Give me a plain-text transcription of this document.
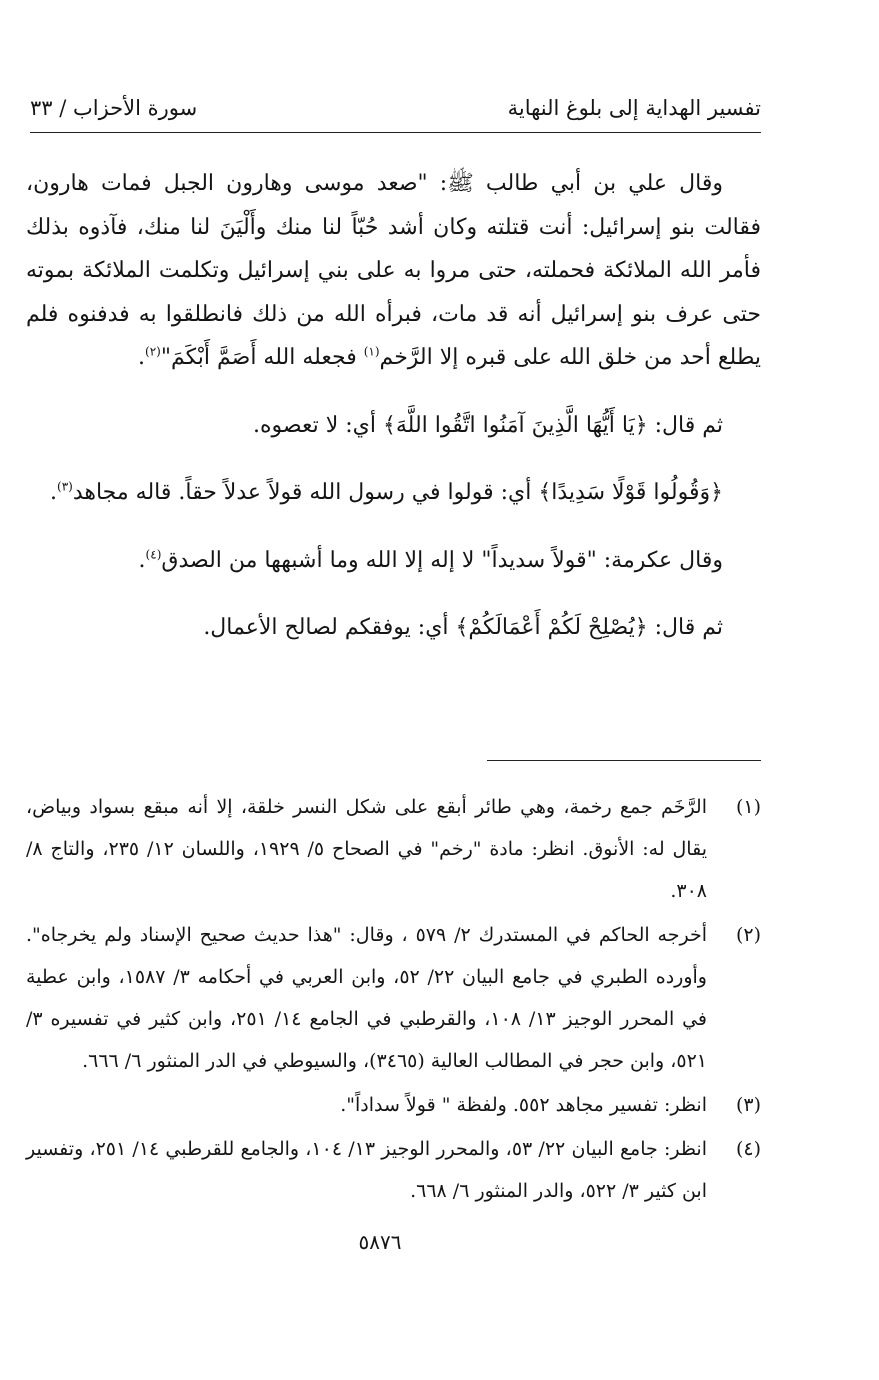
تفسير الهداية إلى بلوغ النهاية
سورة الأحزاب / ٣٣

وقال علي بن أبي طالب ﷺ: "صعد موسى وهارون الجبل فمات هارون، فقالت بنو إسرائيل: أنت قتلته وكان أشد حُبّاً لنا منك وأَلْيَنَ لنا منك، فآذوه بذلك فأمر الله الملائكة فحملته، حتى مروا به على بني إسرائيل وتكلمت الملائكة بموته حتى عرف بنو إسرائيل أنه قد مات، فبرأه الله من ذلك فانطلقوا به فدفنوه فلم يطلع أحد من خلق الله على قبره إلا الرَّخم$^{(١)}$ فجعله الله أَصَمَّ أَبْكَمَ"$^{(٢)}$.

ثم قال: ﴿يَا أَيُّهَا الَّذِينَ آمَنُوا اتَّقُوا اللَّهَ﴾ أي: لا تعصوه.

﴿وَقُولُوا قَوْلًا سَدِيدًا﴾ أي: قولوا في رسول الله قولاً عدلاً حقاً. قاله مجاهد$^{(٣)}$.

وقال عكرمة: "قولاً سديداً" لا إله إلا الله وما أشبهها من الصدق$^{(٤)}$.

ثم قال: ﴿يُصْلِحْ لَكُمْ أَعْمَالَكُمْ﴾ أي: يوفقكم لصالح الأعمال.

(١)
الرَّخَم جمع رخمة، وهي طائر أبقع على شكل النسر خلقة، إلا أنه مبقع بسواد وبياض، يقال له: الأنوق. انظر: مادة "رخم" في الصحاح ٥/ ١٩٢٩، واللسان ١٢/ ٢٣٥، والتاج ٨/ ٣٠٨.
(٢)
أخرجه الحاكم في المستدرك ٢/ ٥٧٩ ، وقال: "هذا حديث صحيح الإسناد ولم يخرجاه". وأورده الطبري في جامع البيان ٢٢/ ٥٢، وابن العربي في أحكامه ٣/ ١٥٨٧، وابن عطية في المحرر الوجيز ١٣/ ١٠٨، والقرطبي في الجامع ١٤/ ٢٥١، وابن كثير في تفسيره ٣/ ٥٢١، وابن حجر في المطالب العالية (٣٤٦٥)، والسيوطي في الدر المنثور ٦/ ٦٦٦.
(٣)
انظر: تفسير مجاهد ٥٥٢. ولفظة " قولاً سداداً".
(٤)
انظر: جامع البيان ٢٢/ ٥٣، والمحرر الوجيز ١٣/ ١٠٤، والجامع للقرطبي ١٤/ ٢٥١، وتفسير ابن كثير ٣/ ٥٢٢، والدر المنثور ٦/ ٦٦٨.
٥٨٧٦
